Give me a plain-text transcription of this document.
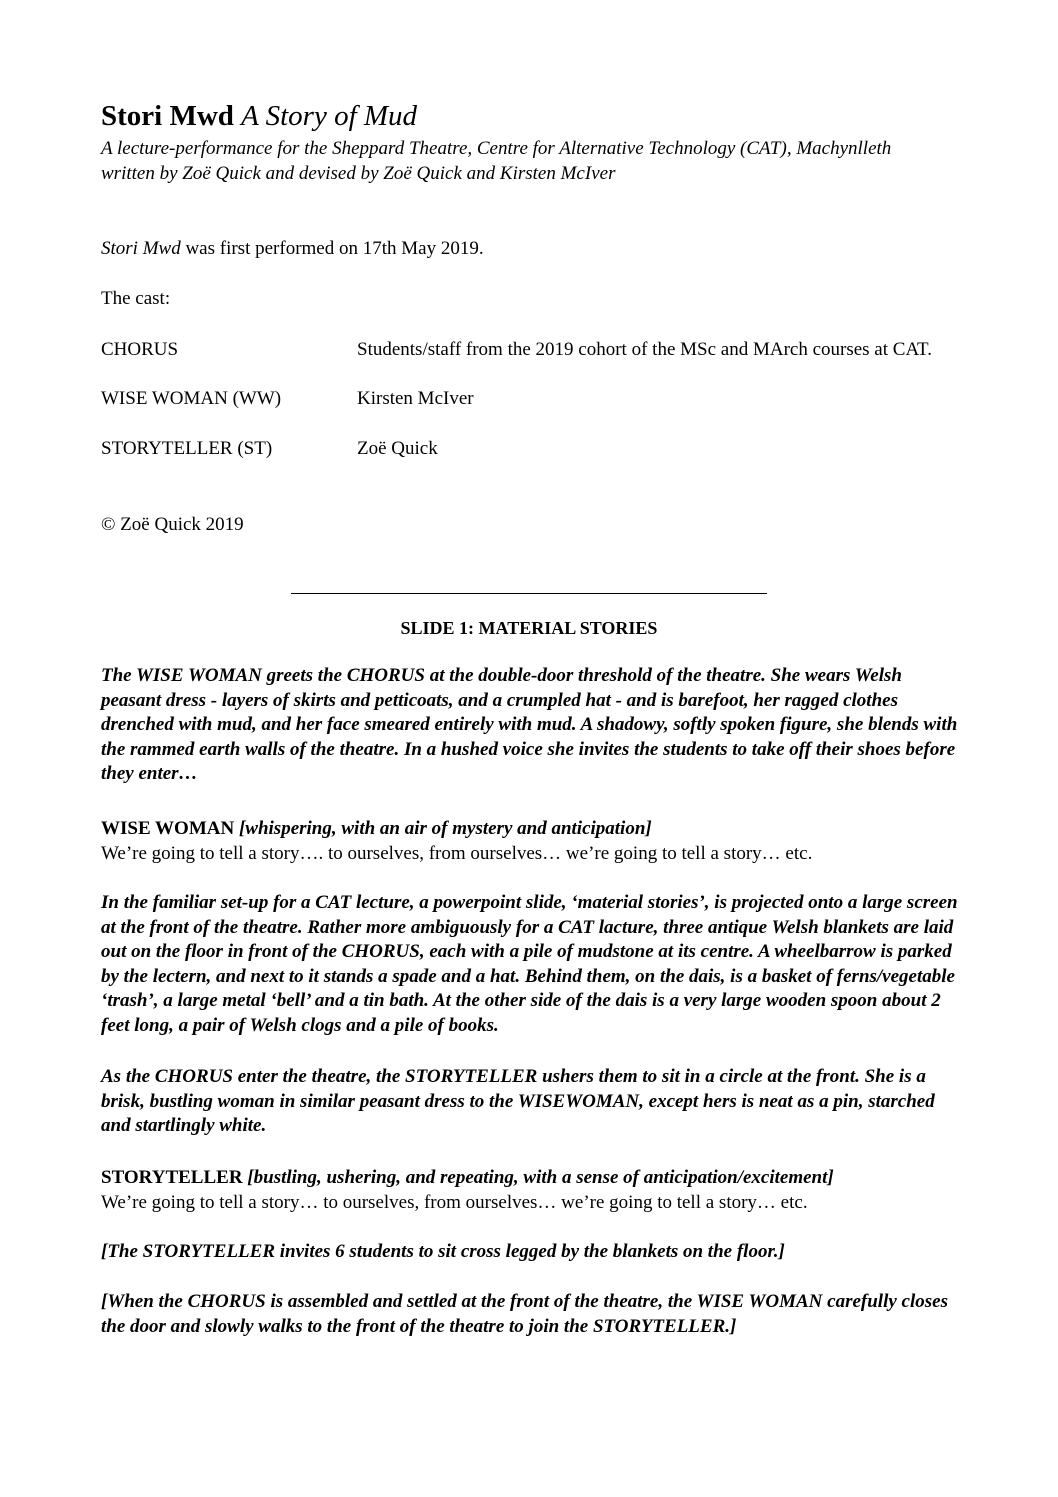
Stori Mwd A Story of Mud
A lecture-performance for the Sheppard Theatre, Centre for Alternative Technology (CAT), Machynlleth
written by Zoë Quick and devised by Zoë Quick and Kirsten McIver

Stori Mwd was first performed on 17th May 2019.

The cast:

CHORUS	Students/staff from the 2019 cohort of the MSc and MArch courses at CAT.
WISE WOMAN (WW)	Kirsten McIver
STORYTELLER (ST)	Zoë Quick

© Zoë Quick 2019

SLIDE 1: MATERIAL STORIES

The WISE WOMAN greets the CHORUS at the double-door threshold of the theatre. She wears Welsh peasant dress - layers of skirts and petticoats, and a crumpled hat - and is barefoot, her ragged clothes drenched with mud, and her face smeared entirely with mud. A shadowy, softly spoken figure, she blends with the rammed earth walls of the theatre. In a hushed voice she invites the students to take off their shoes before they enter…

WISE WOMAN [whispering, with an air of mystery and anticipation]
We’re going to tell a story…. to ourselves, from ourselves… we’re going to tell a story… etc.

In the familiar set-up for a CAT lecture, a powerpoint slide, ‘material stories’, is projected onto a large screen at the front of the theatre. Rather more ambiguously for a CAT lacture, three antique Welsh blankets are laid out on the floor in front of the CHORUS, each with a pile of mudstone at its centre. A wheelbarrow is parked by the lectern, and next to it stands a spade and a hat. Behind them, on the dais, is a basket of ferns/vegetable ‘trash’, a large metal ‘bell’ and a tin bath. At the other side of the dais is a very large wooden spoon about 2 feet long, a pair of Welsh clogs and a pile of books.

As the CHORUS enter the theatre, the STORYTELLER ushers them to sit in a circle at the front. She is a brisk, bustling woman in similar peasant dress to the WISEWOMAN, except hers is neat as a pin, starched and startlingly white.

STORYTELLER [bustling, ushering, and repeating, with a sense of anticipation/excitement]
We’re going to tell a story… to ourselves, from ourselves… we’re going to tell a story… etc.

[The STORYTELLER invites 6 students to sit cross legged by the blankets on the floor.]

[When the CHORUS is assembled and settled at the front of the theatre, the WISE WOMAN carefully closes the door and slowly walks to the front of the theatre to join the STORYTELLER.]
